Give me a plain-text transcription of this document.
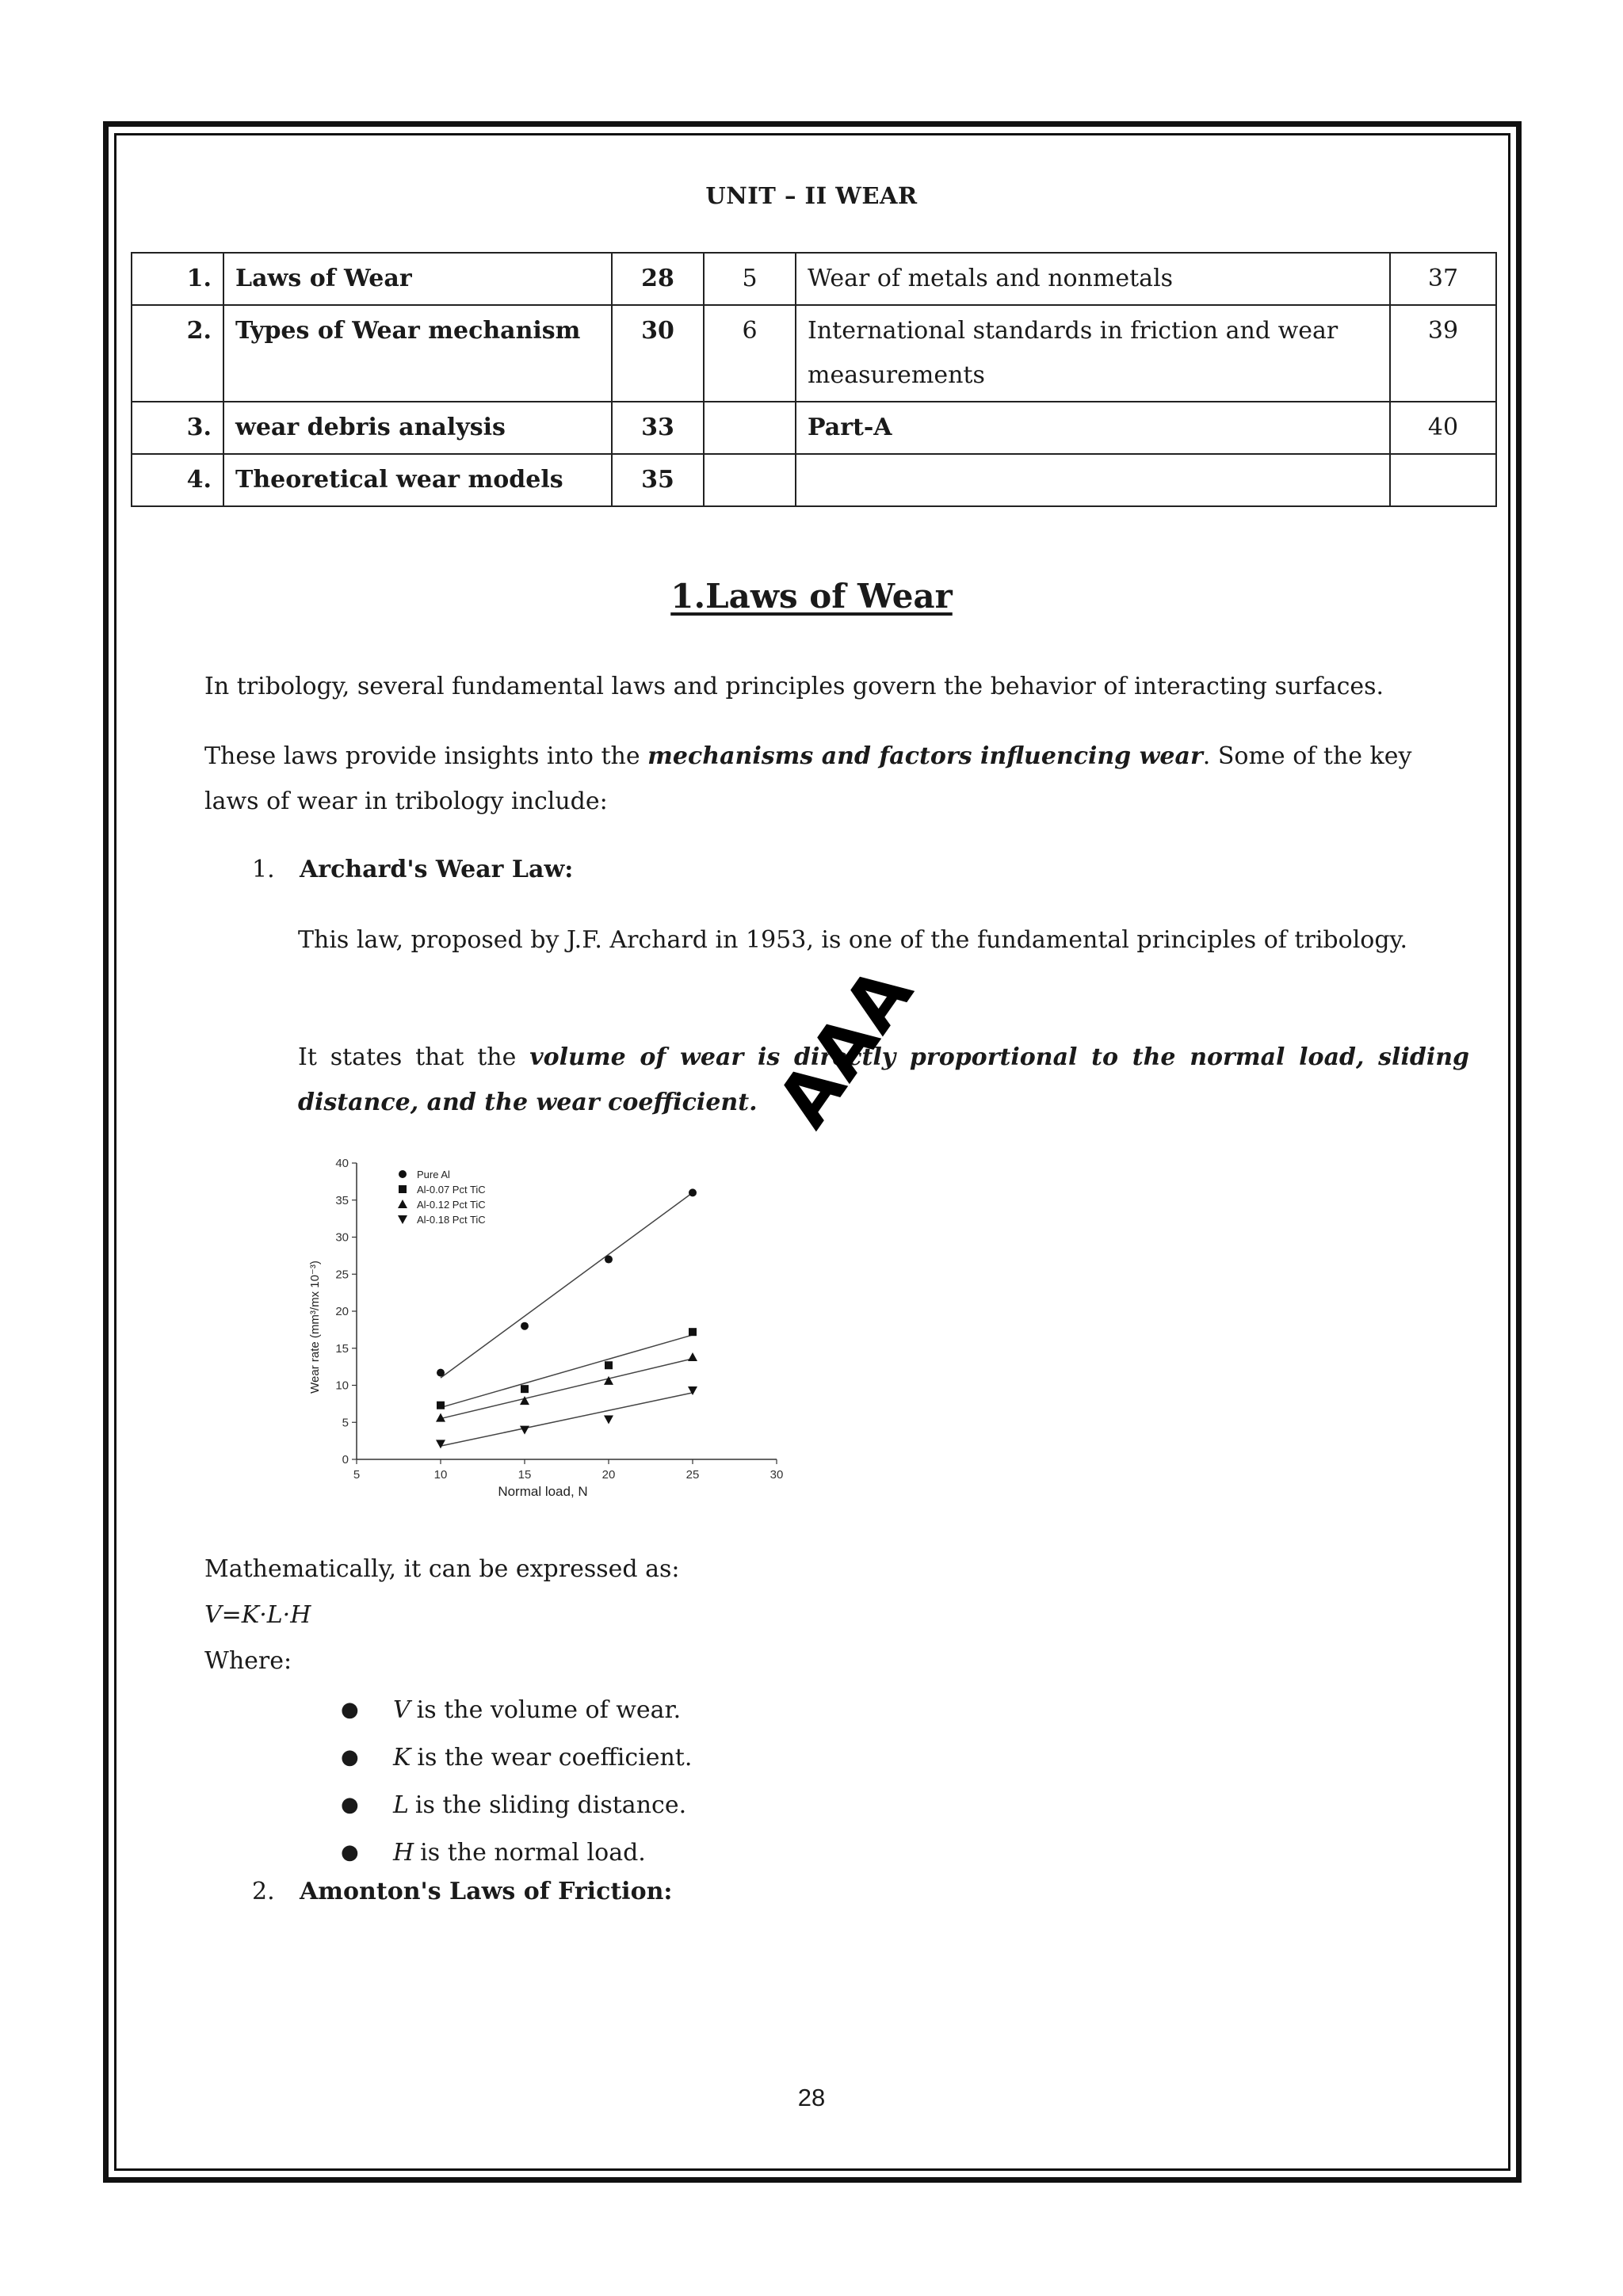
UNIT – II WEAR
1.	Laws of Wear	28	5	Wear of metals and nonmetals	37
2.	Types of Wear mechanism	30	6	International standards in friction and wear measurements	39
3.	wear debris analysis	33		Part-A	40
4.	Theoretical wear models	35			
1.Laws of Wear
In tribology, several fundamental laws and principles govern the behavior of interacting surfaces.
These laws provide insights into the mechanisms and factors influencing wear. Some of the key laws of wear in tribology include:
1. Archard's Wear Law:
This law, proposed by J.F. Archard in 1953, is one of the fundamental principles of tribology.
It states that the volume of wear is directly proportional to the normal load, sliding distance, and the wear coefficient.
5	10	15	20	25	30
0
5
10
15
20
25
30
35
40
Pure Al
Al-0.07 Pct TiC
Al-0.12 Pct TiC
Al-0.18 Pct TiC
Normal load, N
Wear rate (mm³/mx 10⁻³)
AAA
Mathematically, it can be expressed as:
V=K·L·H
Where:
●	V is the volume of wear.
●	K is the wear coefficient.
●	L is the sliding distance.
●	H is the normal load.
2. Amonton's Laws of Friction:
28
